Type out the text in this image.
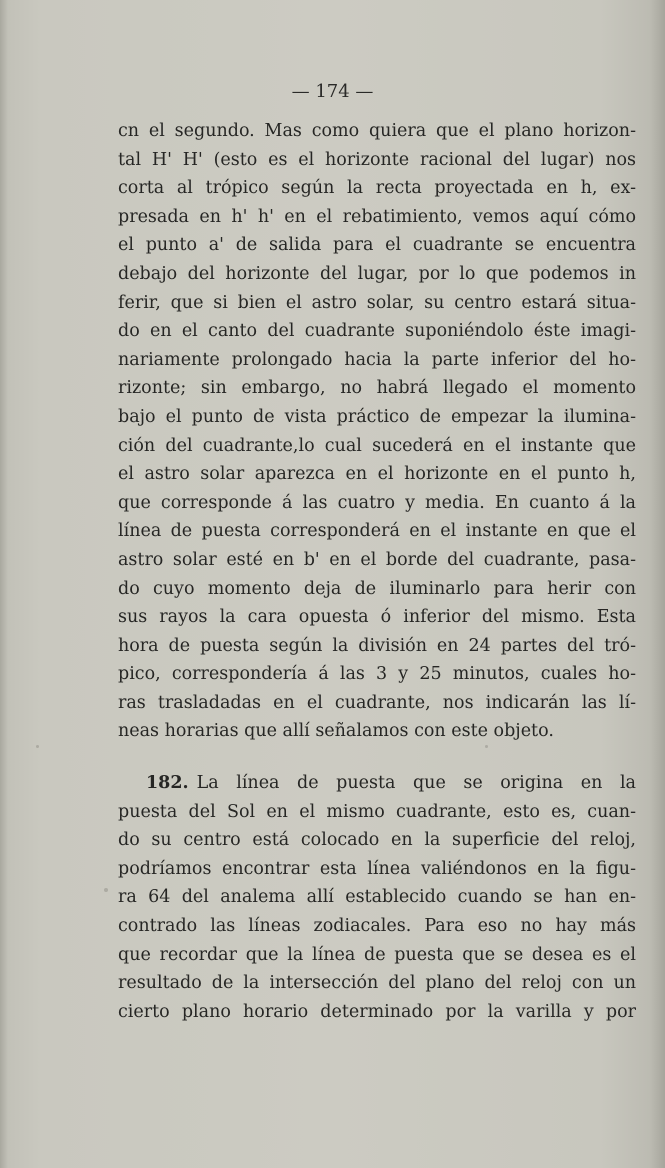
— 174 —
cn el segundo. Mas como quiera que el plano horizon-
tal H' H' (esto es el horizonte racional del lugar) nos
corta al trópico según la recta proyectada en h, ex-
presada en h' h' en el rebatimiento, vemos aquí cómo
el punto a' de salida para el cuadrante se encuentra
debajo del horizonte del lugar, por lo que podemos in
ferir, que si bien el astro solar, su centro estará situa-
do en el canto del cuadrante suponiéndolo éste imagi-
nariamente prolongado hacia la parte inferior del ho-
rizonte; sin embargo, no habrá llegado el momento
bajo el punto de vista práctico de empezar la ilumina-
ción del cuadrante,lo cual sucederá en el instante que
el astro solar aparezca en el horizonte en el punto h,
que corresponde á las cuatro y media. En cuanto á la
línea de puesta corresponderá en el instante en que el
astro solar esté en b' en el borde del cuadrante, pasa-
do cuyo momento deja de iluminarlo para herir con
sus rayos la cara opuesta ó inferior del mismo. Esta
hora de puesta según la división en 24 partes del tró-
pico, correspondería á las 3 y 25 minutos, cuales ho-
ras trasladadas en el cuadrante, nos indicarán las lí-
neas horarias que allí señalamos con este objeto.
182. La línea de puesta que se origina en la
puesta del Sol en el mismo cuadrante, esto es, cuan-
do su centro está colocado en la superficie del reloj,
podríamos encontrar esta línea valiéndonos en la figu-
ra 64 del analema allí establecido cuando se han en-
contrado las líneas zodiacales. Para eso no hay más
que recordar que la línea de puesta que se desea es el
resultado de la intersección del plano del reloj con un
cierto plano horario determinado por la varilla y por
